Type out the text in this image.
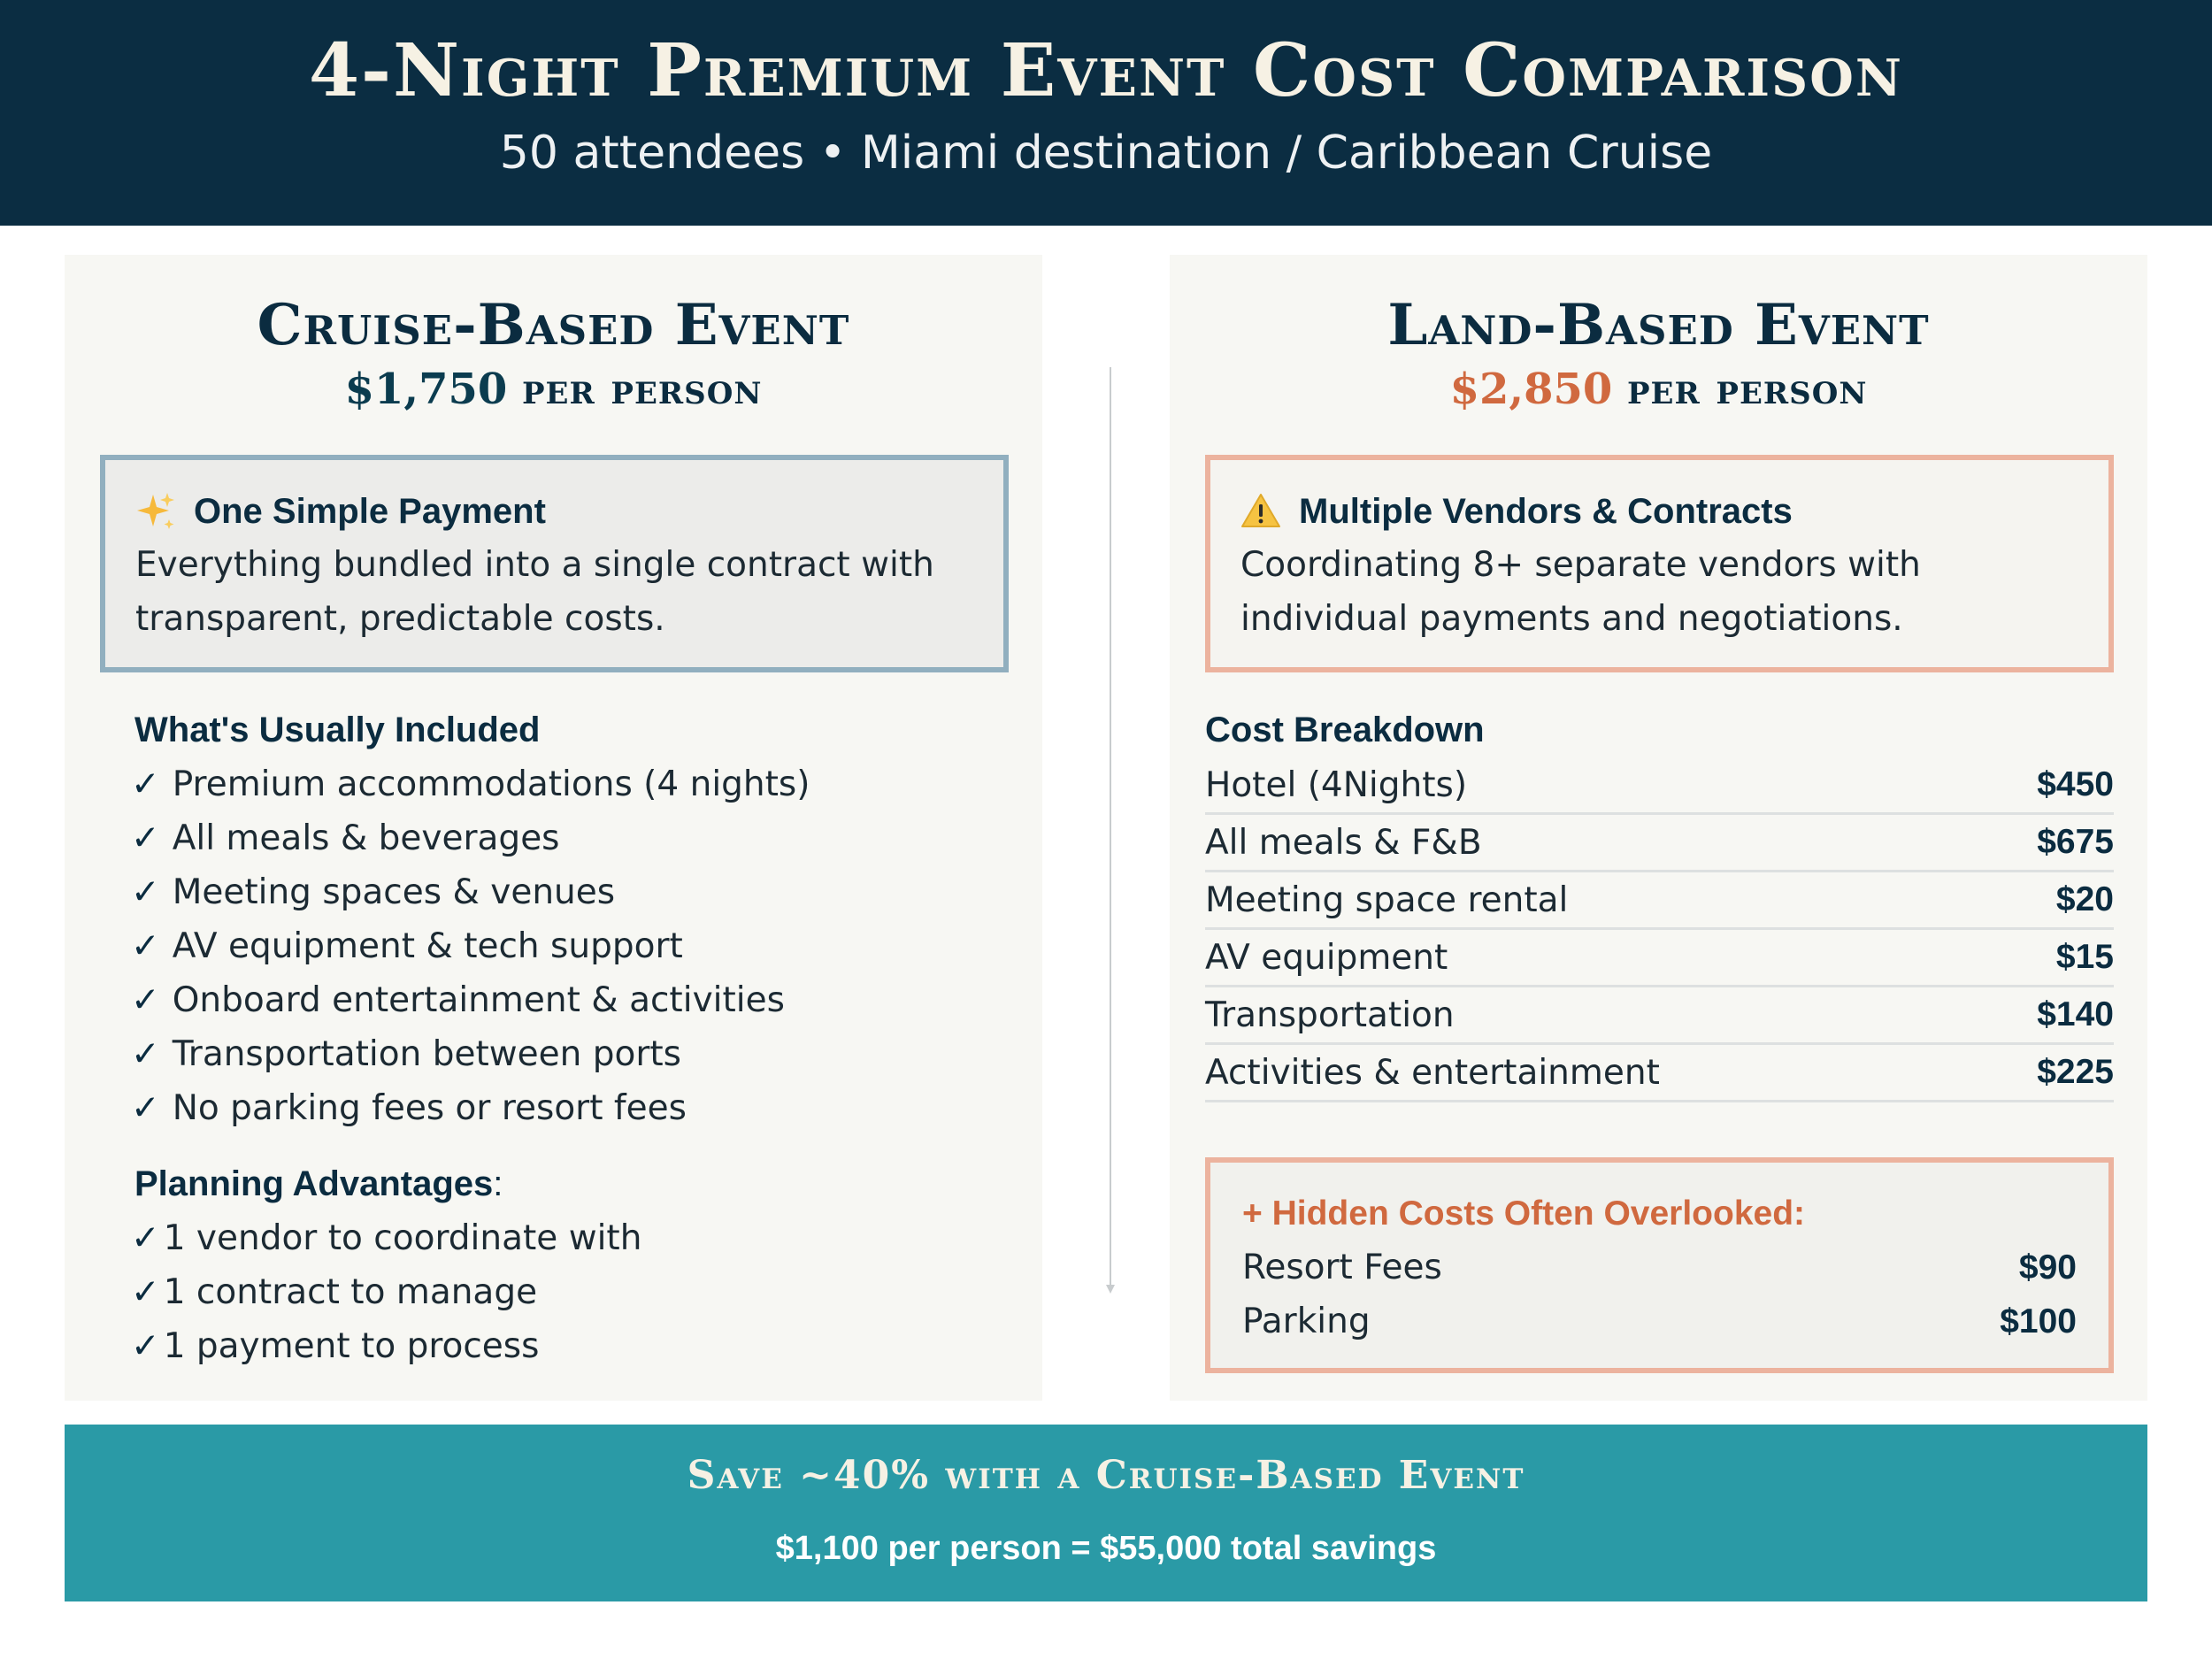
4-Night Premium Event Cost Comparison
50 attendees • Miami destination / Caribbean Cruise
Cruise-Based Event
$1,750 per person
One Simple Payment
Everything bundled into a single contract with transparent, predictable costs.
What's Usually Included
✓ Premium accommodations (4 nights)
✓ All meals & beverages
✓ Meeting spaces & venues
✓ AV equipment & tech support
✓ Onboard entertainment & activities
✓ Transportation between ports
✓ No parking fees or resort fees
Planning Advantages:
✓ 1 vendor to coordinate with
✓ 1 contract to manage
✓ 1 payment to process
Land-Based Event
$2,850 per person
Multiple Vendors & Contracts
Coordinating 8+ separate vendors with individual payments and negotiations.
Cost Breakdown
Hotel (4Nights)	$450
All meals & F&B	$675
Meeting space rental	$20
AV equipment	$15
Transportation	$140
Activities & entertainment	$225
+ Hidden Costs Often Overlooked:
Resort Fees	$90
Parking	$100
Save ~40% with a Cruise-Based Event
$1,100 per person = $55,000 total savings
